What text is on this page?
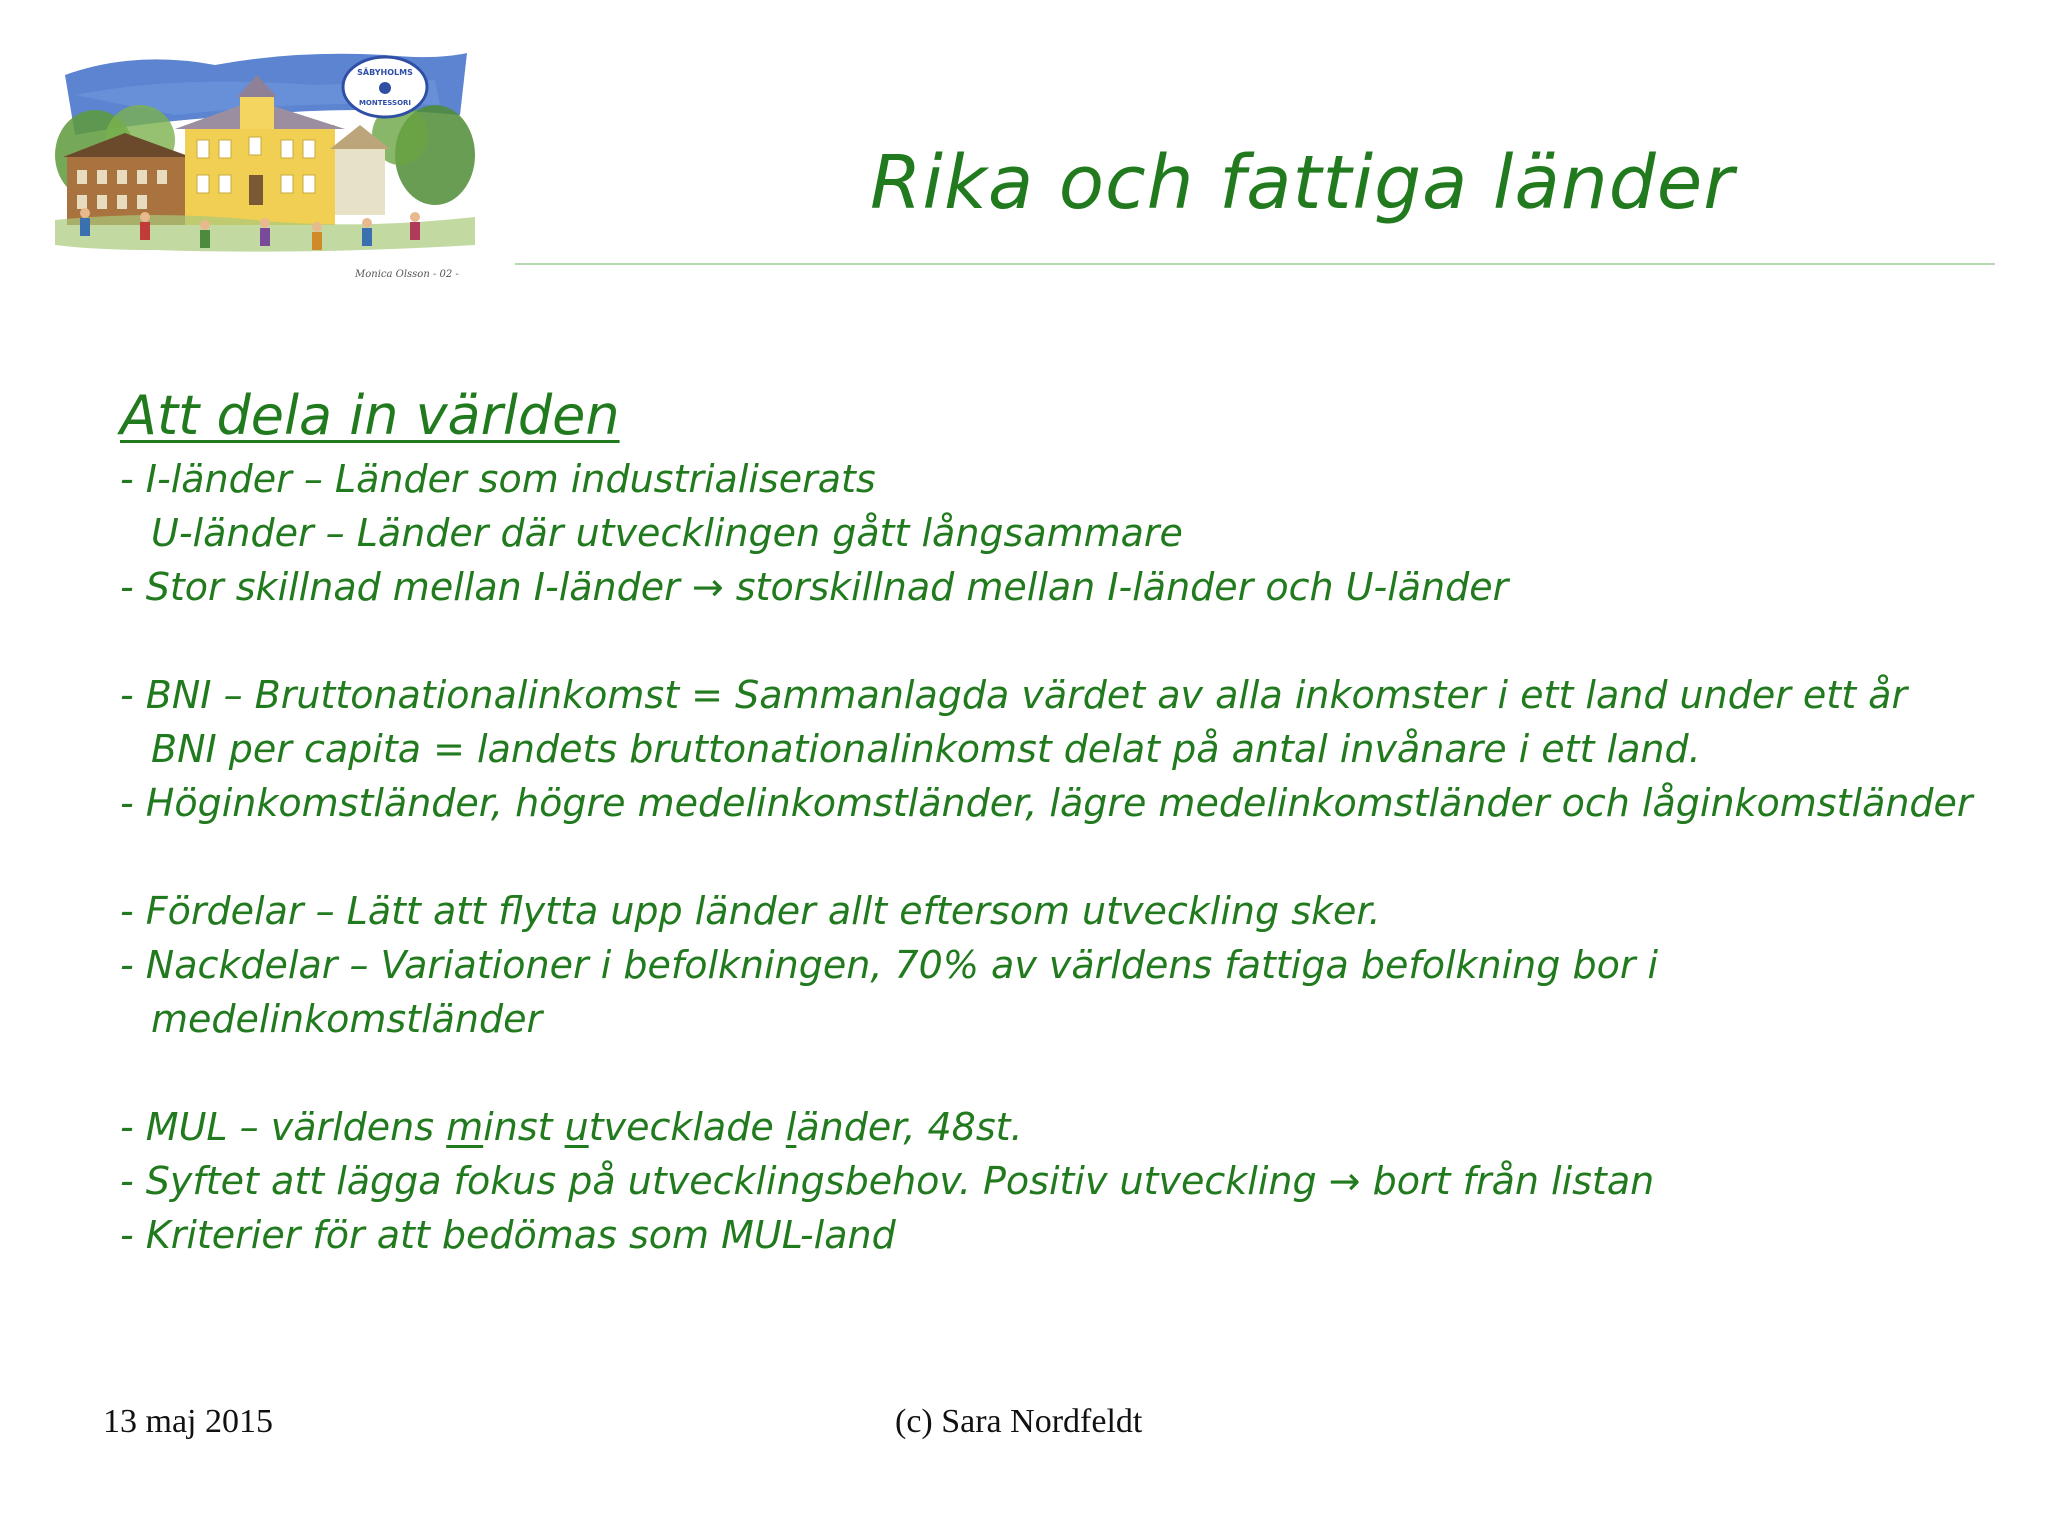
SÄBYHOLMS
MONTESSORI
Monica Olsson - 02 -
Rika och fattiga länder
Att dela in världen
- I-länder – Länder som industrialiserats
U-länder – Länder där utvecklingen gått långsammare
- Stor skillnad mellan I-länder → storskillnad mellan I-länder och U-länder
- BNI – Bruttonationalinkomst = Sammanlagda värdet av alla inkomster i ett land under ett år
BNI per capita = landets bruttonationalinkomst delat på antal invånare i ett land.
- Höginkomstländer, högre medelinkomstländer, lägre medelinkomstländer och låginkomstländer
- Fördelar – Lätt att flytta upp länder allt eftersom utveckling sker.
- Nackdelar – Variationer i befolkningen, 70% av världens fattiga befolkning bor i
medelinkomstländer
- MUL – världens minst utvecklade länder, 48st.
- Syftet att lägga fokus på utvecklingsbehov. Positiv utveckling → bort från listan
- Kriterier för att bedömas som MUL-land
13 maj 2015	(c) Sara Nordfeldt
